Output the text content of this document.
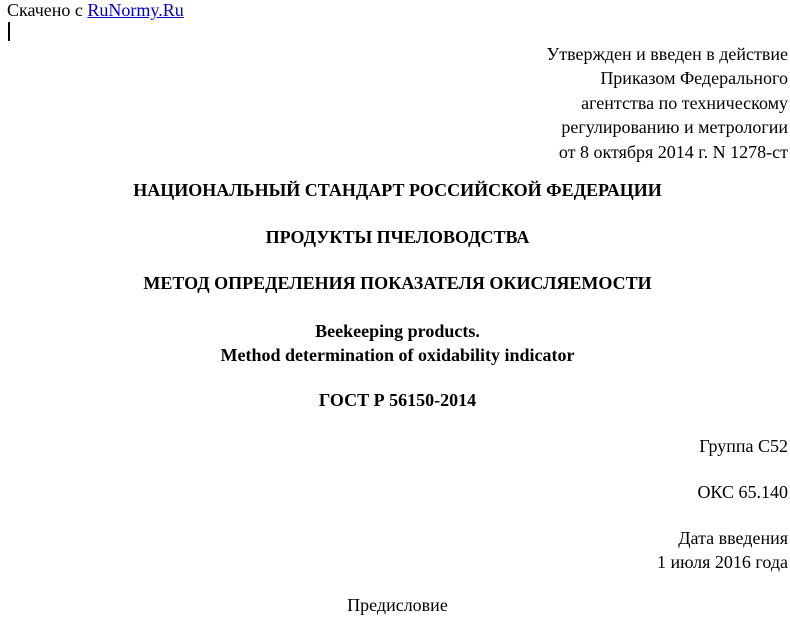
Скачено с RuNormy.Ru
Утвержден и введен в действие
Приказом Федерального
агентства по техническому
регулированию и метрологии
от 8 октября 2014 г. N 1278-ст
НАЦИОНАЛЬНЫЙ СТАНДАРТ РОССИЙСКОЙ ФЕДЕРАЦИИ
ПРОДУКТЫ ПЧЕЛОВОДСТВА
МЕТОД ОПРЕДЕЛЕНИЯ ПОКАЗАТЕЛЯ ОКИСЛЯЕМОСТИ
Beekeeping products.
Method determination of oxidability indicator
ГОСТ Р 56150-2014
Группа С52
ОКС 65.140
Дата введения
1 июля 2016 года
Предисловие
